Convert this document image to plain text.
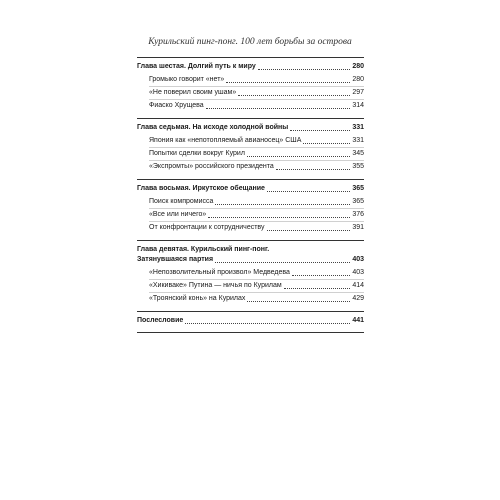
Курильский пинг-понг. 100 лет борьбы за острова
Глава шестая. Долгий путь к миру	280
Громыко говорит «нет»	280
«Не поверил своим ушам»	297
Фиаско Хрущева	314
Глава седьмая. На исходе холодной войны	331
Япония как «непотопляемый авианосец» США	331
Попытки сделки вокруг Курил	345
«Экспромты» российского президента	355
Глава восьмая. Иркутское обещание	365
Поиск компромисса	365
«Все или ничего»	376
От конфронтации к сотрудничеству	391
Глава девятая. Курильский пинг-понг.
Затянувшаяся партия	403
«Непозволительный произвол» Медведева	403
«Хикиваке» Путина — ничья по Курилам	414
«Троянский конь» на Курилах	429
Послесловие	441
